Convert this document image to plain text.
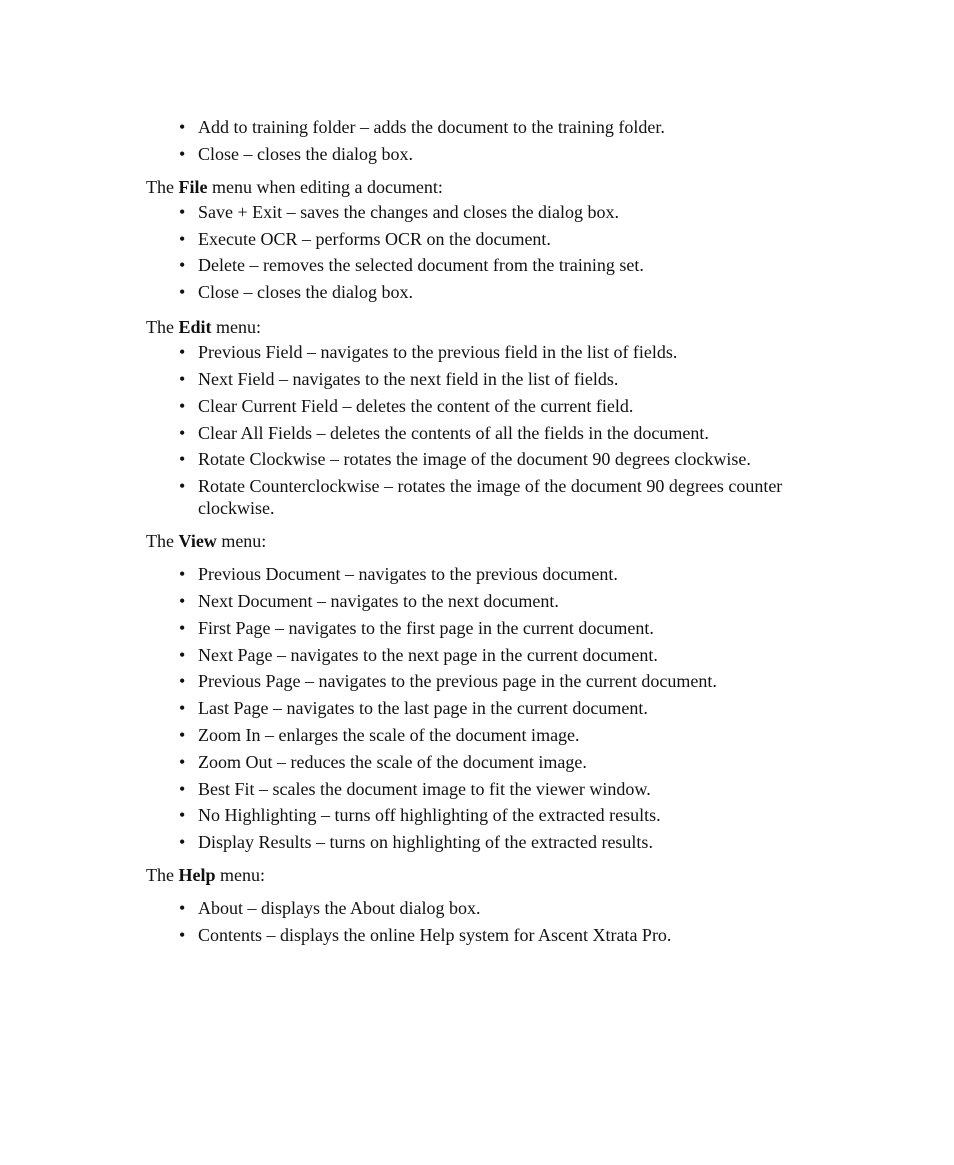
• Add to training folder – adds the document to the training folder.
• Close – closes the dialog box.

The File menu when editing a document:

• Save + Exit – saves the changes and closes the dialog box.
• Execute OCR – performs OCR on the document.
• Delete – removes the selected document from the training set.
• Close – closes the dialog box.

The Edit menu:

• Previous Field – navigates to the previous field in the list of fields.
• Next Field – navigates to the next field in the list of fields.
• Clear Current Field – deletes the content of the current field.
• Clear All Fields – deletes the contents of all the fields in the document.
• Rotate Clockwise – rotates the image of the document 90 degrees clockwise.
• Rotate Counterclockwise – rotates the image of the document 90 degrees counter clockwise.

The View menu:

• Previous Document – navigates to the previous document.
• Next Document – navigates to the next document.
• First Page – navigates to the first page in the current document.
• Next Page – navigates to the next page in the current document.
• Previous Page – navigates to the previous page in the current document.
• Last Page – navigates to the last page in the current document.
• Zoom In – enlarges the scale of the document image.
• Zoom Out – reduces the scale of the document image.
• Best Fit – scales the document image to fit the viewer window.
• No Highlighting – turns off highlighting of the extracted results.
• Display Results – turns on highlighting of the extracted results.

The Help menu:

• About – displays the About dialog box.
• Contents – displays the online Help system for Ascent Xtrata Pro.
